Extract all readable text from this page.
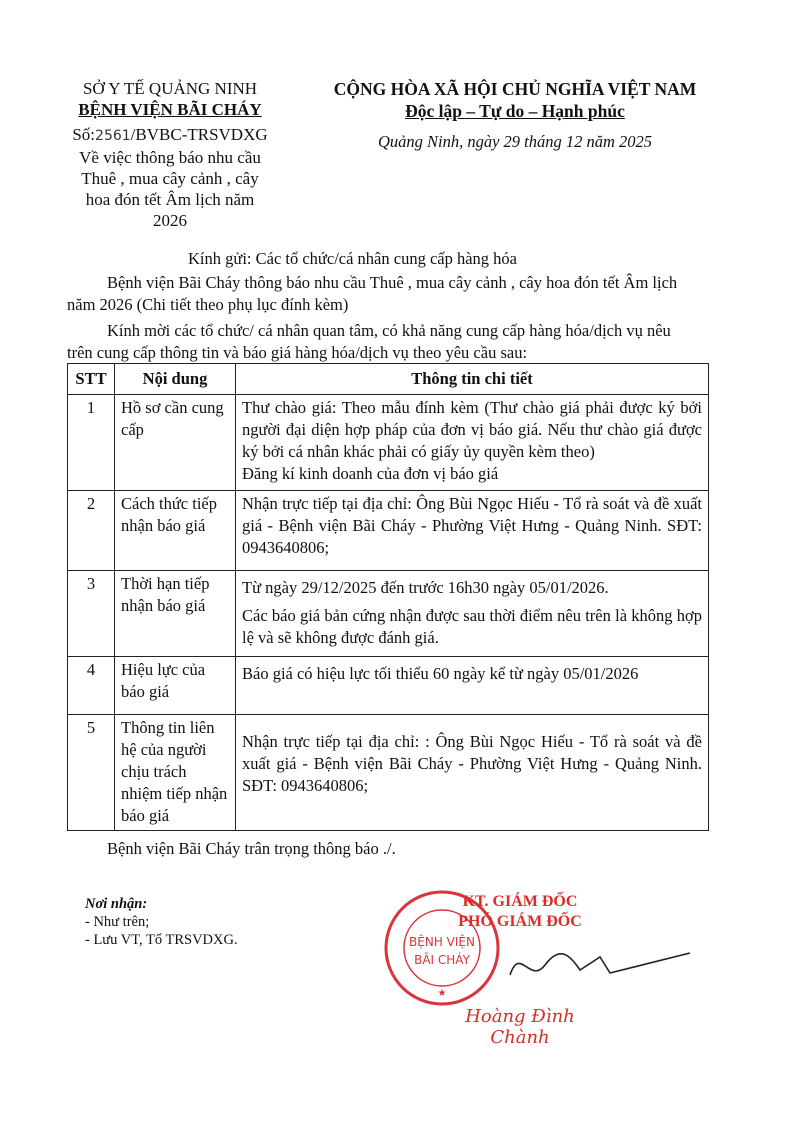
SỞ Y TẾ QUẢNG NINH
BỆNH VIỆN BÃI CHÁY
Số:2561/BVBC-TRSVDXG
Về việc thông báo nhu cầu
Thuê , mua cây cảnh , cây
hoa đón tết Âm lịch năm
2026
CỘNG HÒA XÃ HỘI CHỦ NGHĨA VIỆT NAM
Độc lập – Tự do – Hạnh phúc
Quảng Ninh, ngày 29 tháng 12 năm 2025
Kính gửi: Các tổ chức/cá nhân cung cấp hàng hóa
Bệnh viện Bãi Cháy thông báo nhu cầu Thuê , mua cây cảnh , cây hoa đón tết Âm lịch
năm 2026 (Chi tiết theo phụ lục đính kèm)
Kính mời các tổ chức/ cá nhân quan tâm, có khả năng cung cấp hàng hóa/dịch vụ nêu
trên cung cấp thông tin và báo giá hàng hóa/dịch vụ theo yêu cầu sau:
STT	Nội dung	Thông tin chi tiết
1	Hồ sơ cần cung cấp	Thư chào giá: Theo mẫu đính kèm (Thư chào giá phải được ký bởi người đại diện hợp pháp của đơn vị báo giá. Nếu thư chào giá được ký bởi cá nhân khác phải có giấy ủy quyền kèm theo)
Đăng kí kinh doanh của đơn vị báo giá

2	Cách thức tiếp nhận báo giá	Nhận trực tiếp tại địa chỉ: Ông Bùi Ngọc Hiếu - Tổ rà soát và đề xuất giá - Bệnh viện Bãi Cháy - Phường Việt Hưng - Quảng Ninh. SĐT: 0943640806;

3	Thời hạn tiếp nhận báo giá	Từ ngày 29/12/2025 đến trước 16h30 ngày 05/01/2026.
Các báo giá bản cứng nhận được sau thời điểm nêu trên là không hợp lệ và sẽ không được đánh giá.

4	Hiệu lực của báo giá	Báo giá có hiệu lực tối thiểu 60 ngày kể từ ngày 05/01/2026

5	Thông tin liên hệ của người chịu trách nhiệm tiếp nhận báo giá	Nhận trực tiếp tại địa chỉ: : Ông Bùi Ngọc Hiếu - Tổ rà soát và đề xuất giá - Bệnh viện Bãi Cháy - Phường Việt Hưng - Quảng Ninh. SĐT: 0943640806;
Bệnh viện Bãi Cháy trân trọng thông báo ./.
Nơi nhận:
- Như trên;
- Lưu VT, Tổ TRSVDXG.	BỆNH VIỆN
BÃI CHÁY
★
KT. GIÁM ĐỐC
PHÓ GIÁM ĐỐC
Hoàng Đình Chành
